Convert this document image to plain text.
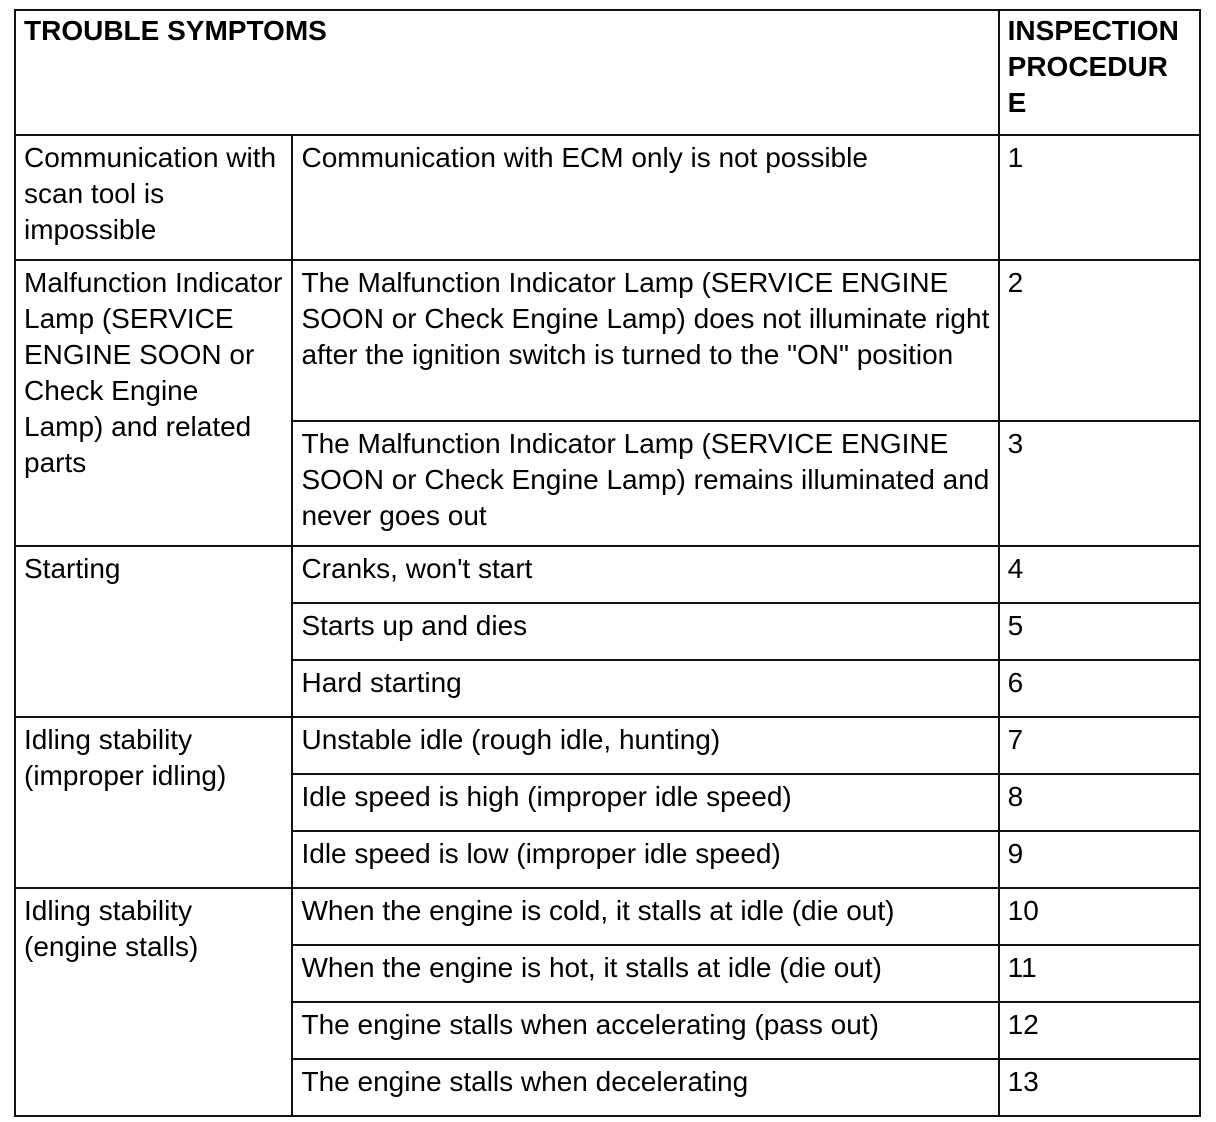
TROUBLE SYMPTOMS		INSPECTION PROCEDUR E
Communication with scan tool is impossible	Communication with ECM only is not possible	1
Malfunction Indicator Lamp (SERVICE ENGINE SOON or Check Engine Lamp) and related parts	The Malfunction Indicator Lamp (SERVICE ENGINE SOON or Check Engine Lamp) does not illuminate right after the ignition switch is turned to the "ON" position	2
	The Malfunction Indicator Lamp (SERVICE ENGINE SOON or Check Engine Lamp) remains illuminated and never goes out	3
Starting	Cranks, won't start	4
	Starts up and dies	5
	Hard starting	6
Idling stability (improper idling)	Unstable idle (rough idle, hunting)	7
	Idle speed is high (improper idle speed)	8
	Idle speed is low (improper idle speed)	9
Idling stability (engine stalls)	When the engine is cold, it stalls at idle (die out)	10
	When the engine is hot, it stalls at idle (die out)	11
	The engine stalls when accelerating (pass out)	12
	The engine stalls when decelerating	13
